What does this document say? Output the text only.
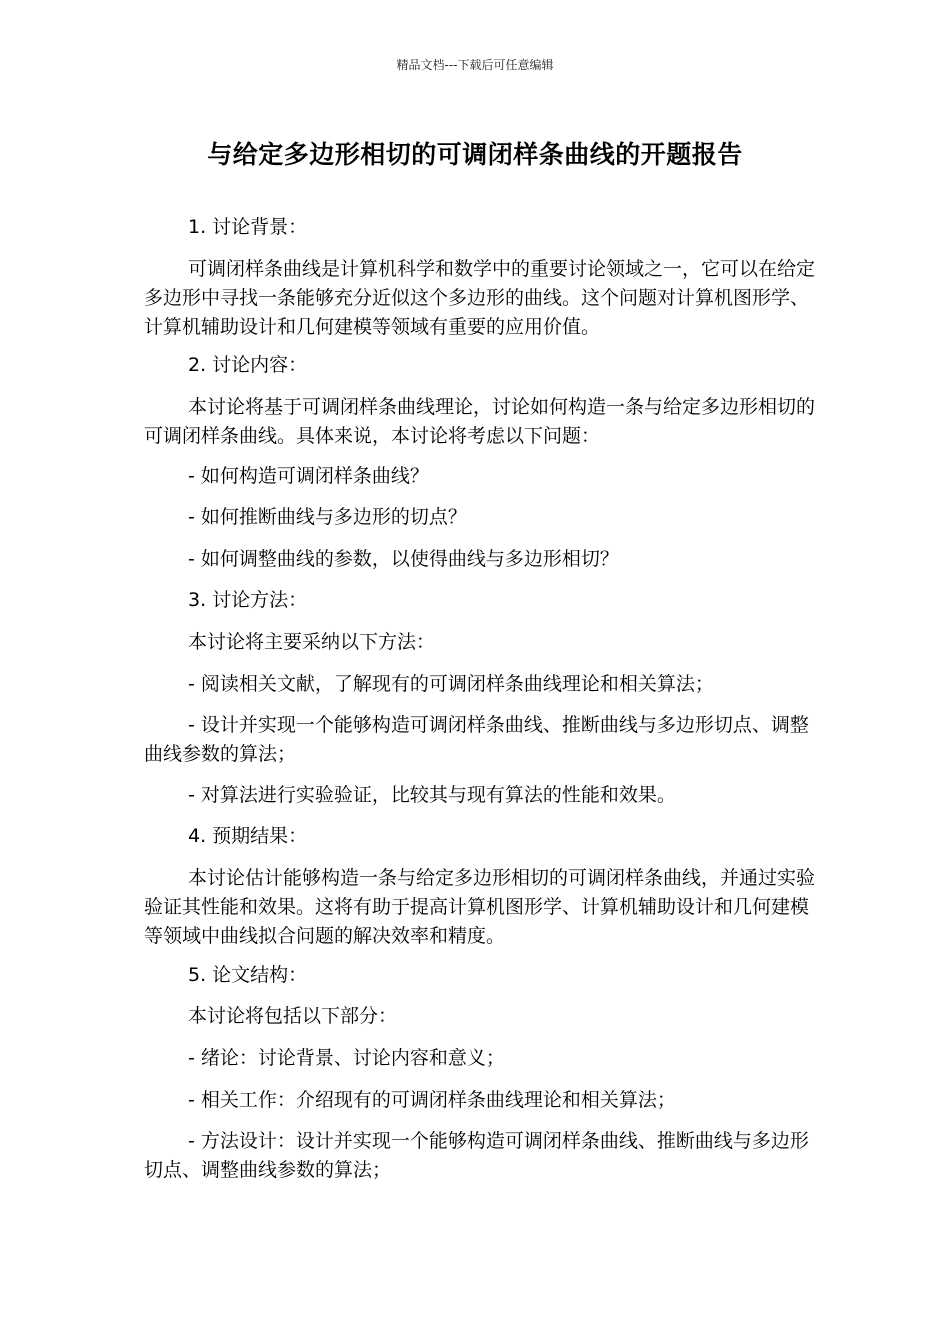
精品文档---下载后可任意编辑
与给定多边形相切的可调闭样条曲线的开题报告

1. 讨论背景：

可调闭样条曲线是计算机科学和数学中的重要讨论领域之一，它可以在给定多边形中寻找一条能够充分近似这个多边形的曲线。这个问题对计算机图形学、计算机辅助设计和几何建模等领域有重要的应用价值。

2. 讨论内容：

本讨论将基于可调闭样条曲线理论，讨论如何构造一条与给定多边形相切的可调闭样条曲线。具体来说，本讨论将考虑以下问题：

- 如何构造可调闭样条曲线？

- 如何推断曲线与多边形的切点？

- 如何调整曲线的参数，以使得曲线与多边形相切？

3. 讨论方法：

本讨论将主要采纳以下方法：

- 阅读相关文献，了解现有的可调闭样条曲线理论和相关算法；

- 设计并实现一个能够构造可调闭样条曲线、推断曲线与多边形切点、调整曲线参数的算法；

- 对算法进行实验验证，比较其与现有算法的性能和效果。

4. 预期结果：

本讨论估计能够构造一条与给定多边形相切的可调闭样条曲线，并通过实验验证其性能和效果。这将有助于提高计算机图形学、计算机辅助设计和几何建模等领域中曲线拟合问题的解决效率和精度。

5. 论文结构：

本讨论将包括以下部分：

- 绪论：讨论背景、讨论内容和意义；

- 相关工作：介绍现有的可调闭样条曲线理论和相关算法；

- 方法设计：设计并实现一个能够构造可调闭样条曲线、推断曲线与多边形切点、调整曲线参数的算法；
